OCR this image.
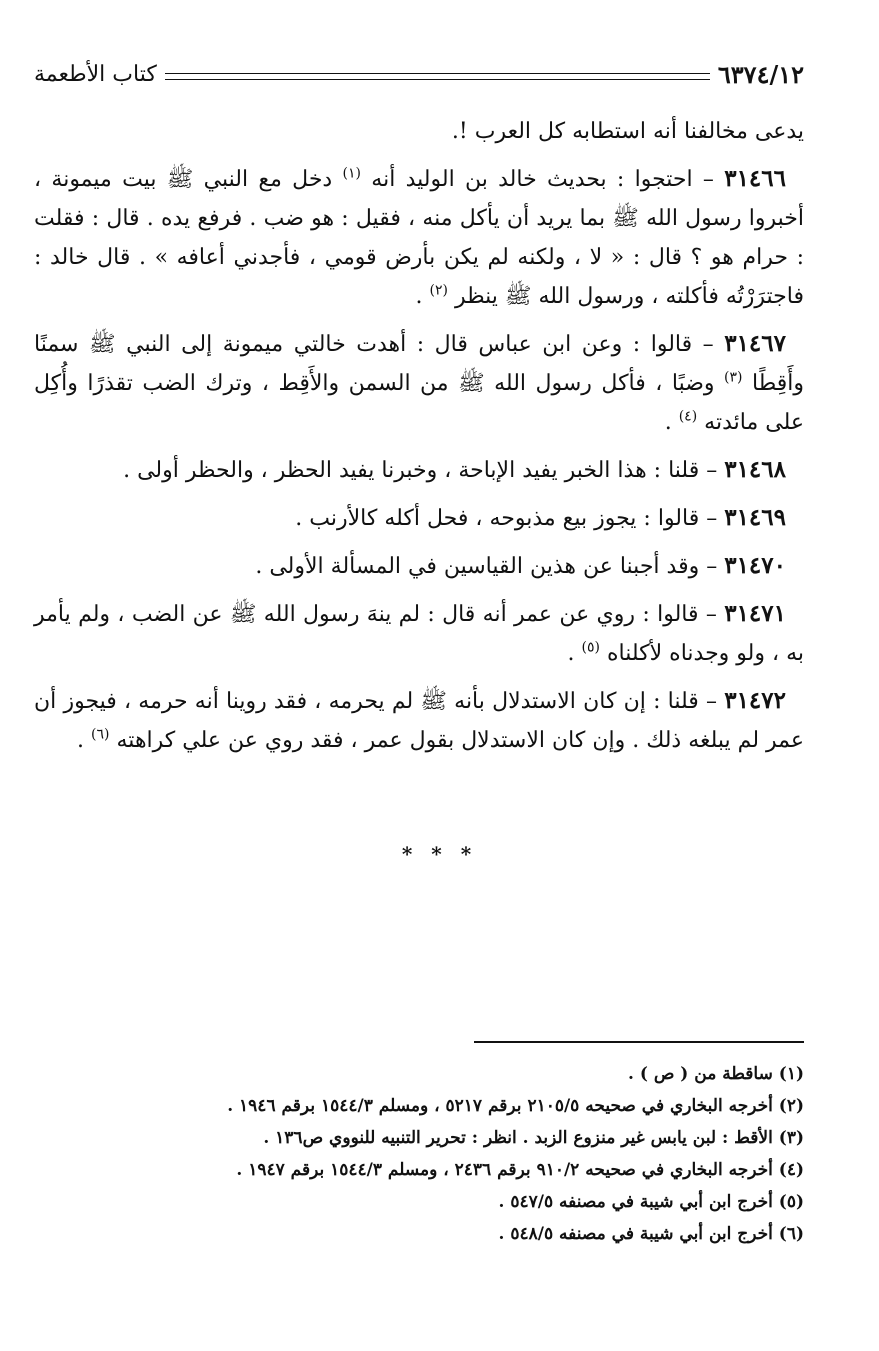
٦٣٧٤/١٢
كتاب الأطعمة

يدعى مخالفنا أنه استطابه كل العرب !.

٣١٤٦٦ – احتجوا : بحديث خالد بن الوليد أنه $^{(١)}$ دخل مع النبي ﷺ بيت ميمونة ، أخبروا رسول الله ﷺ بما يريد أن يأكل منه ، فقيل : هو ضب . فرفع يده . قال : فقلت : حرام هو ؟ قال : « لا ، ولكنه لم يكن بأرض قومي ، فأجدني أعافه » . قال خالد : فاجترَرْتُه فأكلته ، ورسول الله ﷺ ينظر $^{(٢)}$ .

٣١٤٦٧ – قالوا : وعن ابن عباس قال : أهدت خالتي ميمونة إلى النبي ﷺ سمنًا وأَقِطًا $^{(٣)}$ وضبًا ، فأكل رسول الله ﷺ من السمن والأَقِط ، وترك الضب تقذرًا وأُكِل على مائدته $^{(٤)}$ .

٣١٤٦٨ – قلنا : هذا الخبر يفيد الإباحة ، وخبرنا يفيد الحظر ، والحظر أولى .

٣١٤٦٩ – قالوا : يجوز بيع مذبوحه ، فحل أكله كالأرنب .

٣١٤٧٠ – وقد أجبنا عن هذين القياسين في المسألة الأولى .

٣١٤٧١ – قالوا : روي عن عمر أنه قال : لم ينهَ رسول الله ﷺ عن الضب ، ولم يأمر به ، ولو وجدناه لأكلناه $^{(٥)}$ .

٣١٤٧٢ – قلنا : إن كان الاستدلال بأنه ﷺ لم يحرمه ، فقد روينا أنه حرمه ، فيجوز أن عمر لم يبلغه ذلك . وإن كان الاستدلال بقول عمر ، فقد روي عن علي كراهته $^{(٦)}$ .

* * *

(١) ساقطة من ( ص ) .

(٢) أخرجه البخاري في صحيحه ٢١٠٥/٥ برقم ٥٢١٧ ، ومسلم ١٥٤٤/٣ برقم ١٩٤٦ .

(٣) الأقط : لبن يابس غير منزوع الزبد . انظر : تحرير التنبيه للنووي ص١٣٦ .

(٤) أخرجه البخاري في صحيحه ٩١٠/٢ برقم ٢٤٣٦ ، ومسلم ١٥٤٤/٣ برقم ١٩٤٧ .

(٥) أخرج ابن أبي شيبة في مصنفه ٥٤٧/٥ .

(٦) أخرج ابن أبي شيبة في مصنفه ٥٤٨/٥ .
